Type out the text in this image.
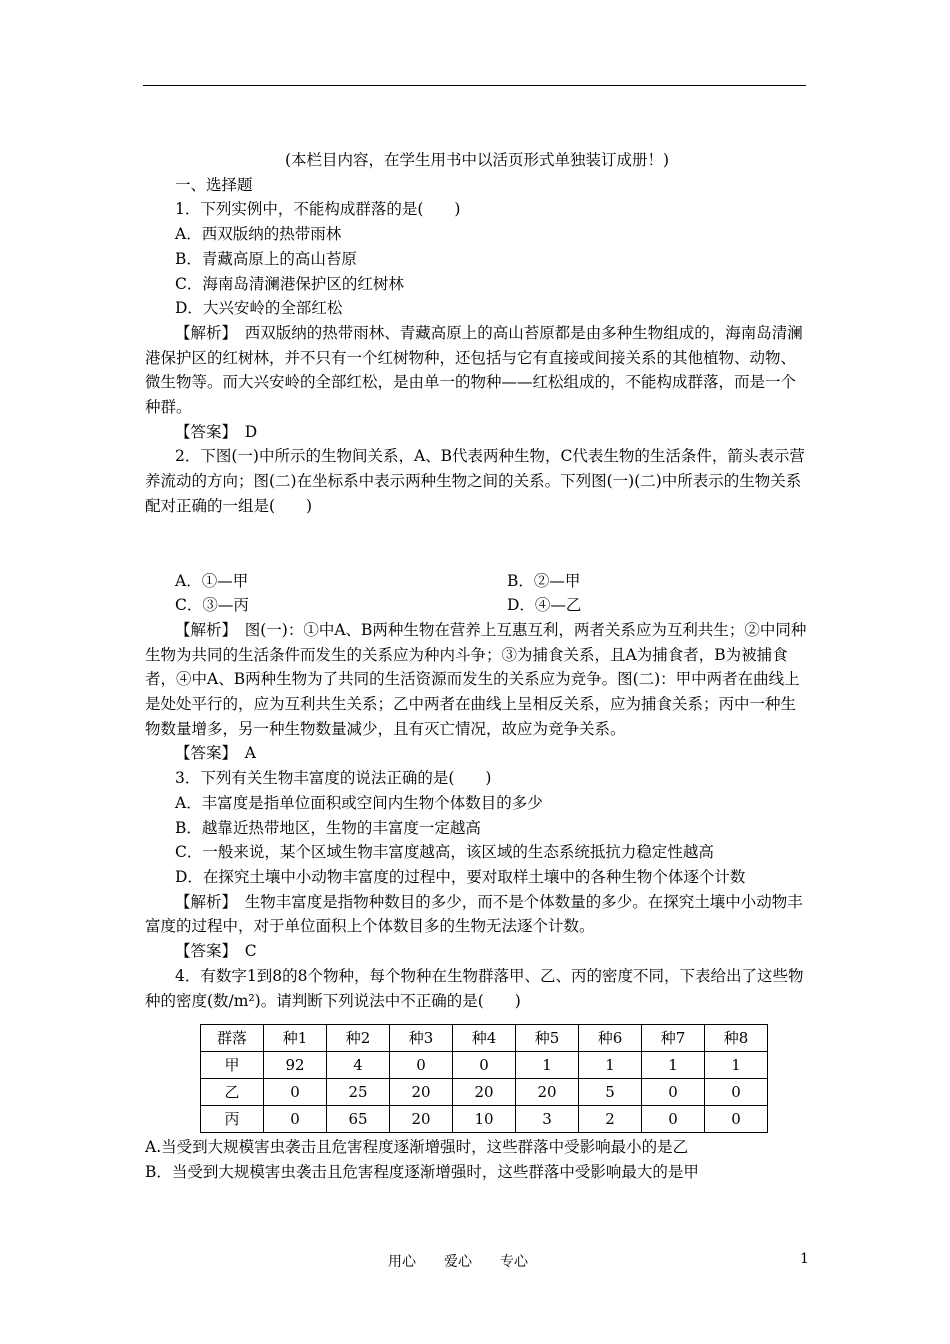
(本栏目内容，在学生用书中以活页形式单独装订成册！)
一、选择题
1．下列实例中，不能构成群落的是(　　)
A．西双版纳的热带雨林
B．青藏高原上的高山苔原
C．海南岛清澜港保护区的红树林
D．大兴安岭的全部红松
【解析】　西双版纳的热带雨林、青藏高原上的高山苔原都是由多种生物组成的，海南岛清澜港保护区的红树林，并不只有一个红树物种，还包括与它有直接或间接关系的其他植物、动物、微生物等。而大兴安岭的全部红松，是由单一的物种——红松组成的，不能构成群落，而是一个种群。
【答案】　D
2．下图(一)中所示的生物间关系，A、B代表两种生物，C代表生物的生活条件，箭头表示营养流动的方向；图(二)在坐标系中表示两种生物之间的关系。下列图(一)(二)中所表示的生物关系配对正确的一组是(　　)
A．①—甲	B．②—甲
C．③—丙	D．④—乙
【解析】　图(一)：①中A、B两种生物在营养上互惠互利，两者关系应为互利共生；②中同种生物为共同的生活条件而发生的关系应为种内斗争；③为捕食关系，且A为捕食者，B为被捕食者，④中A、B两种生物为了共同的生活资源而发生的关系应为竞争。图(二)：甲中两者在曲线上是处处平行的，应为互利共生关系；乙中两者在曲线上呈相反关系，应为捕食关系；丙中一种生物数量增多，另一种生物数量减少，且有灭亡情况，故应为竞争关系。
【答案】　A
3．下列有关生物丰富度的说法正确的是(　　)
A．丰富度是指单位面积或空间内生物个体数目的多少
B．越靠近热带地区，生物的丰富度一定越高
C．一般来说，某个区域生物丰富度越高，该区域的生态系统抵抗力稳定性越高
D．在探究土壤中小动物丰富度的过程中，要对取样土壤中的各种生物个体逐个计数
【解析】　生物丰富度是指物种数目的多少，而不是个体数量的多少。在探究土壤中小动物丰富度的过程中，对于单位面积上个体数目多的生物无法逐个计数。
【答案】　C
4．有数字1到8的8个物种，每个物种在生物群落甲、乙、丙的密度不同，下表给出了这些物种的密度(数/m²)。请判断下列说法中不正确的是(　　)
群落	种1	种2	种3	种4	种5	种6	种7	种8
甲	92	4	0	0	1	1	1	1
乙	0	25	20	20	20	5	0	0
丙	0	65	20	10	3	2	0	0
A.当受到大规模害虫袭击且危害程度逐渐增强时，这些群落中受影响最小的是乙
B．当受到大规模害虫袭击且危害程度逐渐增强时，这些群落中受影响最大的是甲
用心　　爱心　　专心	1
